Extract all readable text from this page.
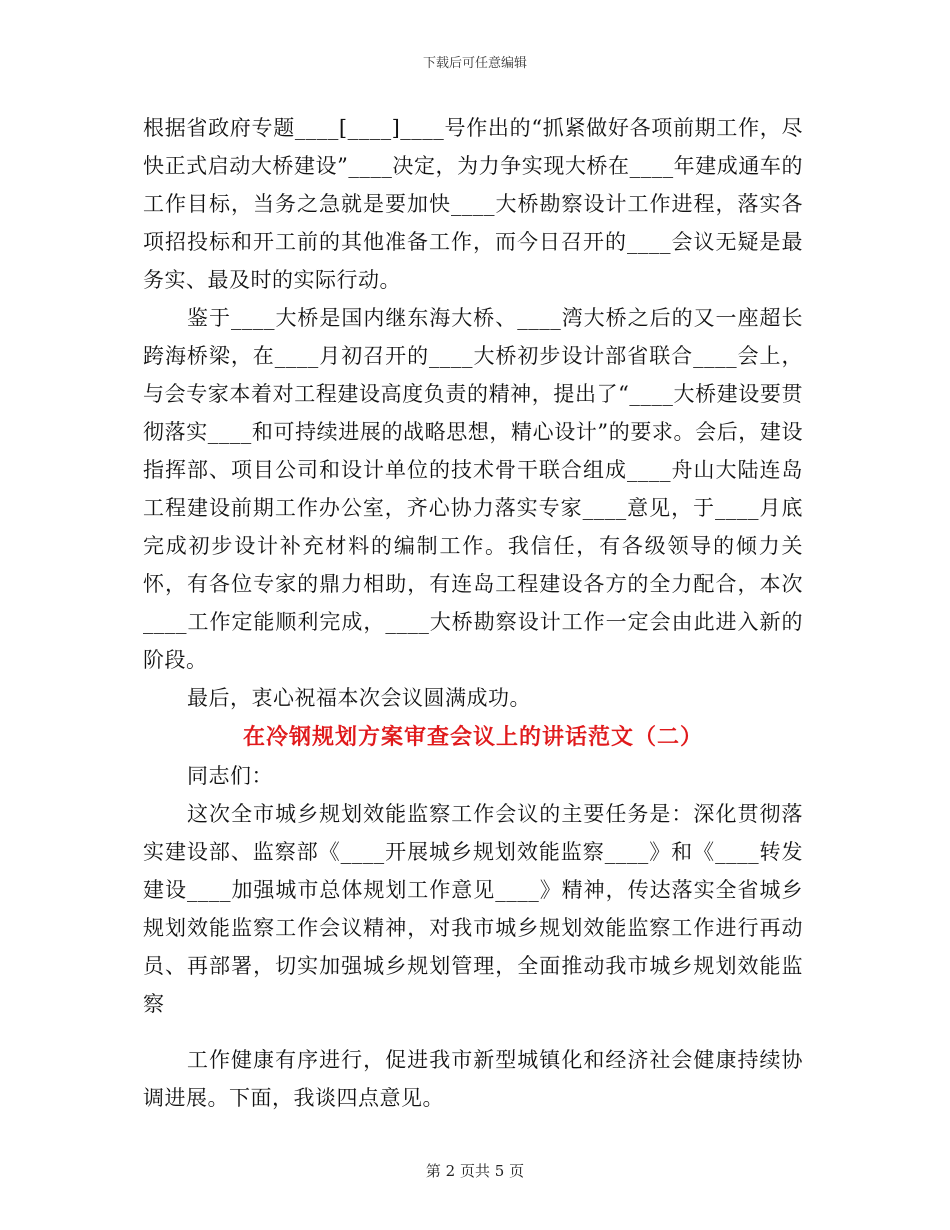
下载后可任意编辑

根据省政府专题____[____]____号作出的“抓紧做好各项前期工作，尽快正式启动大桥建设”____决定，为力争实现大桥在____年建成通车的工作目标，当务之急就是要加快____大桥勘察设计工作进程，落实各项招投标和开工前的其他准备工作，而今日召开的____会议无疑是最务实、最及时的实际行动。

鉴于____大桥是国内继东海大桥、____湾大桥之后的又一座超长跨海桥梁，在____月初召开的____大桥初步设计部省联合____会上，与会专家本着对工程建设高度负责的精神，提出了“____大桥建设要贯彻落实____和可持续进展的战略思想，精心设计”的要求。会后，建设指挥部、项目公司和设计单位的技术骨干联合组成____舟山大陆连岛工程建设前期工作办公室，齐心协力落实专家____意见，于____月底完成初步设计补充材料的编制工作。我信任，有各级领导的倾力关怀，有各位专家的鼎力相助，有连岛工程建设各方的全力配合，本次____工作定能顺利完成，____大桥勘察设计工作一定会由此进入新的阶段。

最后，衷心祝福本次会议圆满成功。

在冷钢规划方案审查会议上的讲话范文（二）

同志们：

这次全市城乡规划效能监察工作会议的主要任务是：深化贯彻落实建设部、监察部《____开展城乡规划效能监察____》和《____转发建设____加强城市总体规划工作意见____》精神，传达落实全省城乡规划效能监察工作会议精神，对我市城乡规划效能监察工作进行再动员、再部署，切实加强城乡规划管理，全面推动我市城乡规划效能监察

工作健康有序进行，促进我市新型城镇化和经济社会健康持续协调进展。下面，我谈四点意见。

第 2 页共 5 页
